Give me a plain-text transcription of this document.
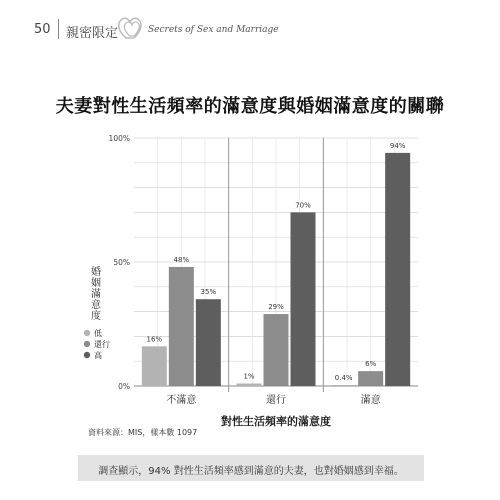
50 親密限定	Secrets of Sex and Marriage
夫妻對性生活頻率的滿意度與婚姻滿意度的關聯
0%
50%
100%
16%
48%
35%
不滿意
1%
29%
70%
還行
0.4%
6%
94%
滿意
對性生活頻率的滿意度
婚
姻
滿
意
度
低
還行
高
資料來源：MIS，樣本數 1097
調查顯示，94% 對性生活頻率感到滿意的夫妻，也對婚姻感到幸福。
